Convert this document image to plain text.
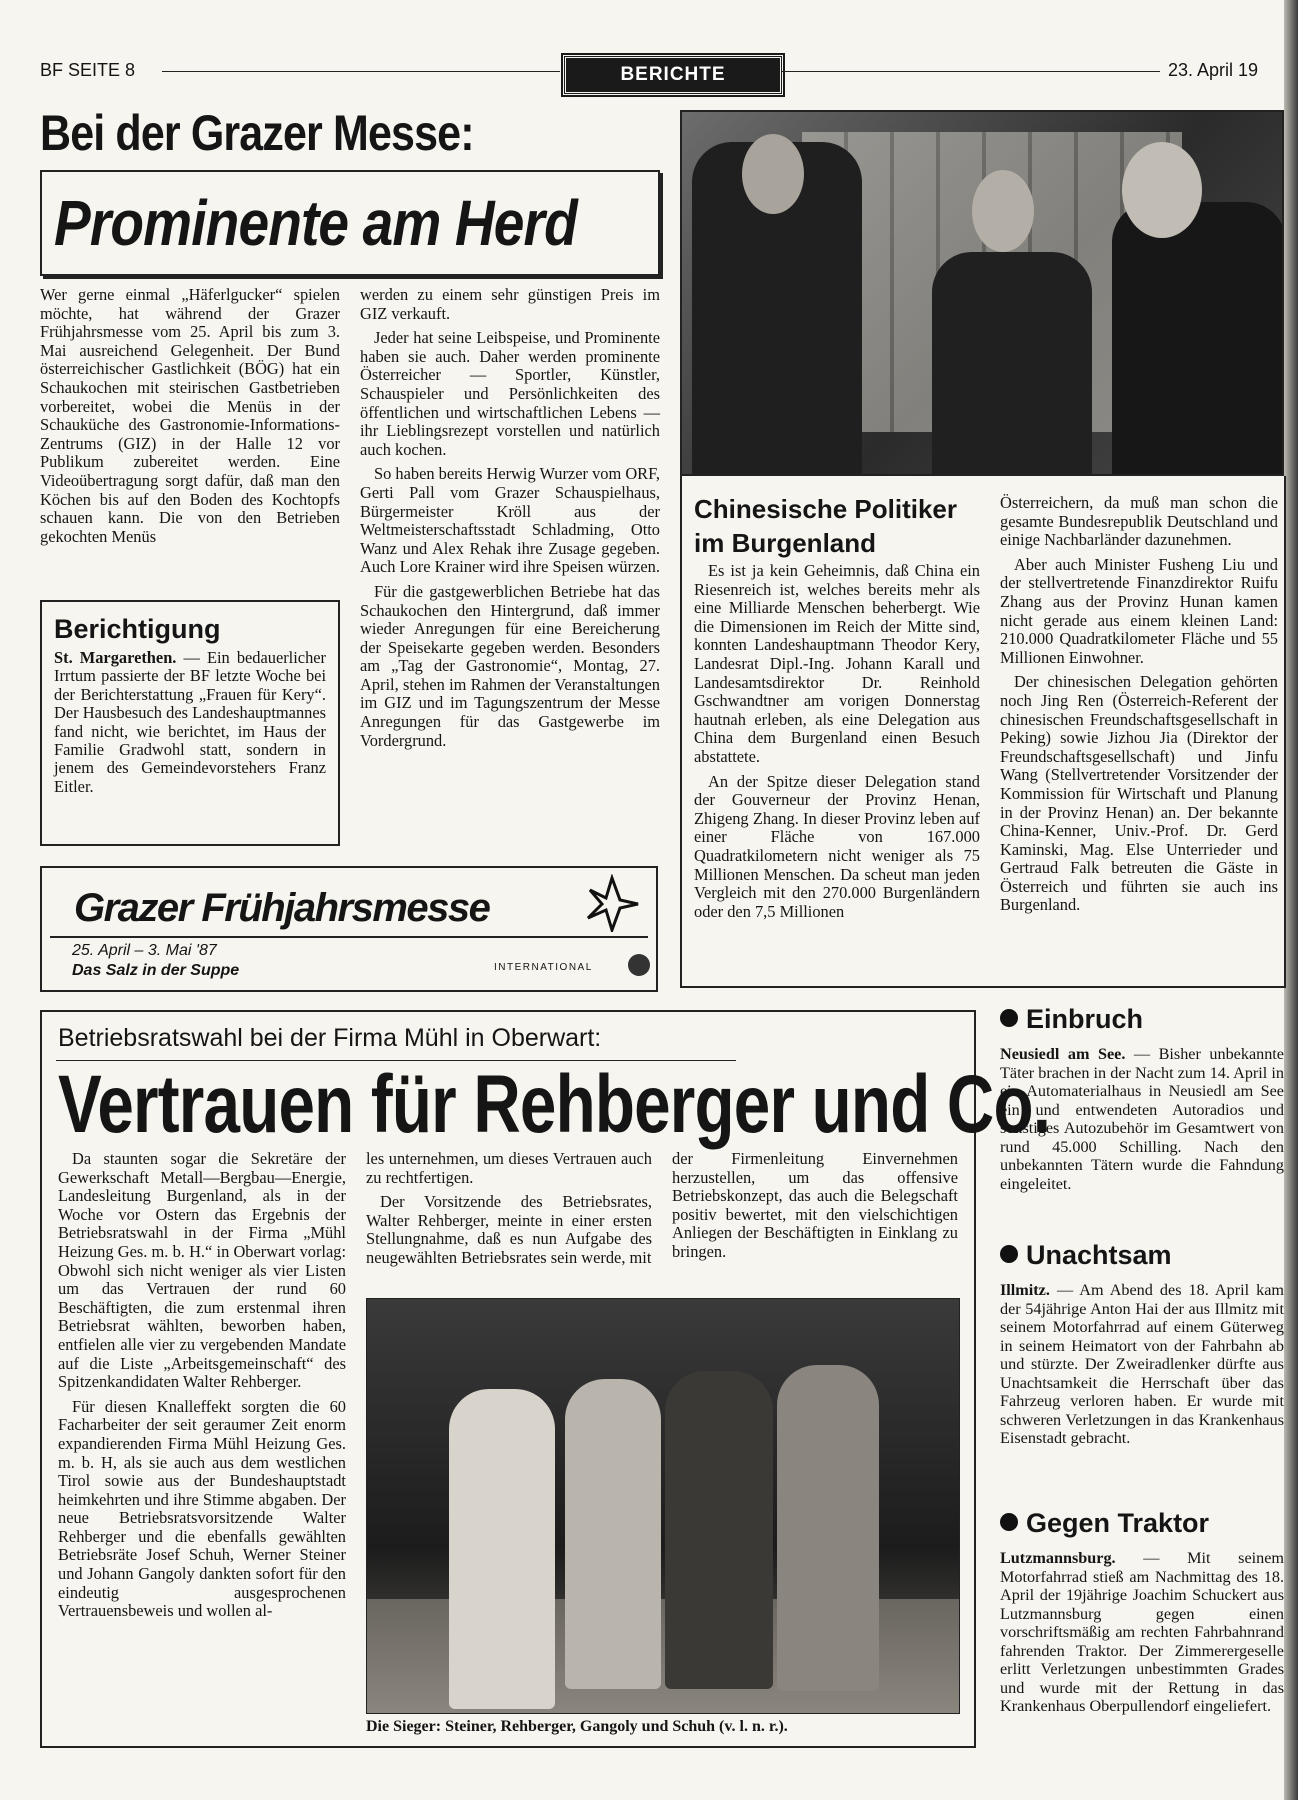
BF SEITE 8	BERICHTE	23. April 19
Bei der Grazer Messe:
Prominente am Herd

Wer gerne einmal „Häferlgucker“ spielen möchte, hat während der Grazer Frühjahrsmesse vom 25. April bis zum 3. Mai ausreichend Gelegenheit. Der Bund österreichischer Gastlichkeit (BÖG) hat ein Schaukochen mit steirischen Gastbetrieben vorbereitet, wobei die Menüs in der Schauküche des Gastronomie-Informations-Zentrums (GIZ) in der Halle 12 vor Publikum zubereitet werden. Eine Videoübertragung sorgt dafür, daß man den Köchen bis auf den Boden des Kochtopfs schauen kann. Die von den Betrieben gekochten Menüs

werden zu einem sehr günstigen Preis im GIZ verkauft.

Jeder hat seine Leibspeise, und Prominente haben sie auch. Daher werden prominente Österreicher — Sportler, Künstler, Schauspieler und Persönlichkeiten des öffentlichen und wirtschaftlichen Lebens — ihr Lieblingsrezept vorstellen und natürlich auch kochen.

So haben bereits Herwig Wurzer vom ORF, Gerti Pall vom Grazer Schauspielhaus, Bürgermeister Kröll aus der Weltmeisterschaftsstadt Schladming, Otto Wanz und Alex Rehak ihre Zusage gegeben. Auch Lore Krainer wird ihre Speisen würzen.

Für die gastgewerblichen Betriebe hat das Schaukochen den Hintergrund, daß immer wieder Anregungen für eine Bereicherung der Speisekarte gegeben werden. Besonders am „Tag der Gastronomie“, Montag, 27. April, stehen im Rahmen der Veranstaltungen im GIZ und im Tagungszentrum der Messe Anregungen für das Gastgewerbe im Vordergrund.

Berichtigung
St. Margarethen. — Ein bedauerlicher Irrtum passierte der BF letzte Woche bei der Berichterstattung „Frauen für Kery“. Der Hausbesuch des Landeshauptmannes fand nicht, wie berichtet, im Haus der Familie Gradwohl statt, sondern in jenem des Gemeindevorstehers Franz Eitler.
Grazer Frühjahrsmesse
25. April – 3. Mai '87
Das Salz in der Suppe	INTERNATIONAL
Chinesische Politiker im Burgenland

Es ist ja kein Geheimnis, daß China ein Riesenreich ist, welches bereits mehr als eine Milliarde Menschen beherbergt. Wie die Dimensionen im Reich der Mitte sind, konnten Landeshauptmann Theodor Kery, Landesrat Dipl.-Ing. Johann Karall und Landesamtsdirektor Dr. Reinhold Gschwandtner am vorigen Donnerstag hautnah erleben, als eine Delegation aus China dem Burgenland einen Besuch abstattete.

An der Spitze dieser Delegation stand der Gouverneur der Provinz Henan, Zhigeng Zhang. In dieser Provinz leben auf einer Fläche von 167.000 Quadratkilometern nicht weniger als 75 Millionen Menschen. Da scheut man jeden Vergleich mit den 270.000 Burgenländern oder den 7,5 Millionen

Österreichern, da muß man schon die gesamte Bundesrepublik Deutschland und einige Nachbarländer dazunehmen.

Aber auch Minister Fusheng Liu und der stellvertretende Finanzdirektor Ruifu Zhang aus der Provinz Hunan kamen nicht gerade aus einem kleinen Land: 210.000 Quadratkilometer Fläche und 55 Millionen Einwohner.

Der chinesischen Delegation gehörten noch Jing Ren (Österreich-Referent der chinesischen Freundschaftsgesellschaft in Peking) sowie Jizhou Jia (Direktor der Freundschaftsgesellschaft) und Jinfu Wang (Stellvertretender Vorsitzender der Kommission für Wirtschaft und Planung in der Provinz Henan) an. Der bekannte China-Kenner, Univ.-Prof. Dr. Gerd Kaminski, Mag. Else Unterrieder und Gertraud Falk betreuten die Gäste in Österreich und führten sie auch ins Burgenland.

Betriebsratswahl bei der Firma Mühl in Oberwart:
Vertrauen für Rehberger und Co.

Da staunten sogar die Sekretäre der Gewerkschaft Metall—Bergbau—Energie, Landesleitung Burgenland, als in der Woche vor Ostern das Ergebnis der Betriebsratswahl in der Firma „Mühl Heizung Ges. m. b. H.“ in Oberwart vorlag: Obwohl sich nicht weniger als vier Listen um das Vertrauen der rund 60 Beschäftigten, die zum erstenmal ihren Betriebsrat wählten, beworben haben, entfielen alle vier zu vergebenden Mandate auf die Liste „Arbeitsgemeinschaft“ des Spitzenkandidaten Walter Rehberger.

Für diesen Knalleffekt sorgten die 60 Facharbeiter der seit geraumer Zeit enorm expandierenden Firma Mühl Heizung Ges. m. b. H, als sie auch aus dem westlichen Tirol sowie aus der Bundeshauptstadt heimkehrten und ihre Stimme abgaben. Der neue Betriebsratsvorsitzende Walter Rehberger und die ebenfalls gewählten Betriebsräte Josef Schuh, Werner Steiner und Johann Gangoly dankten sofort für den eindeutig ausgesprochenen Vertrauensbeweis und wollen al-

les unternehmen, um dieses Vertrauen auch zu rechtfertigen.

Der Vorsitzende des Betriebsrates, Walter Rehberger, meinte in einer ersten Stellungnahme, daß es nun Aufgabe des neugewählten Betriebsrates sein werde, mit

der Firmenleitung Einvernehmen herzustellen, um das offensive Betriebskonzept, das auch die Belegschaft positiv bewertet, mit den vielschichtigen Anliegen der Beschäftigten in Einklang zu bringen.

Die Sieger: Steiner, Rehberger, Gangoly und Schuh (v. l. n. r.).
Einbruch
Neusiedl am See. — Bisher unbekannte Täter brachen in der Nacht zum 14. April in ein Automaterialhaus in Neusiedl am See ein und entwendeten Autoradios und sonstiges Autozubehör im Gesamtwert von rund 45.000 Schilling. Nach den unbekannten Tätern wurde die Fahndung eingeleitet.
Unachtsam
Illmitz. — Am Abend des 18. April kam der 54jährige Anton Hai der aus Illmitz mit seinem Motorfahrrad auf einem Güterweg in seinem Heimatort von der Fahrbahn ab und stürzte. Der Zweiradlenker dürfte aus Unachtsamkeit die Herrschaft über das Fahrzeug verloren haben. Er wurde mit schweren Verletzungen in das Krankenhaus Eisenstadt gebracht.
Gegen Traktor
Lutzmannsburg. — Mit seinem Motorfahrrad stieß am Nachmittag des 18. April der 19jährige Joachim Schuckert aus Lutzmannsburg gegen einen vorschriftsmäßig am rechten Fahrbahnrand fahrenden Traktor. Der Zimmerergeselle erlitt Verletzungen unbestimmten Grades und wurde mit der Rettung in das Krankenhaus Oberpullendorf eingeliefert.
